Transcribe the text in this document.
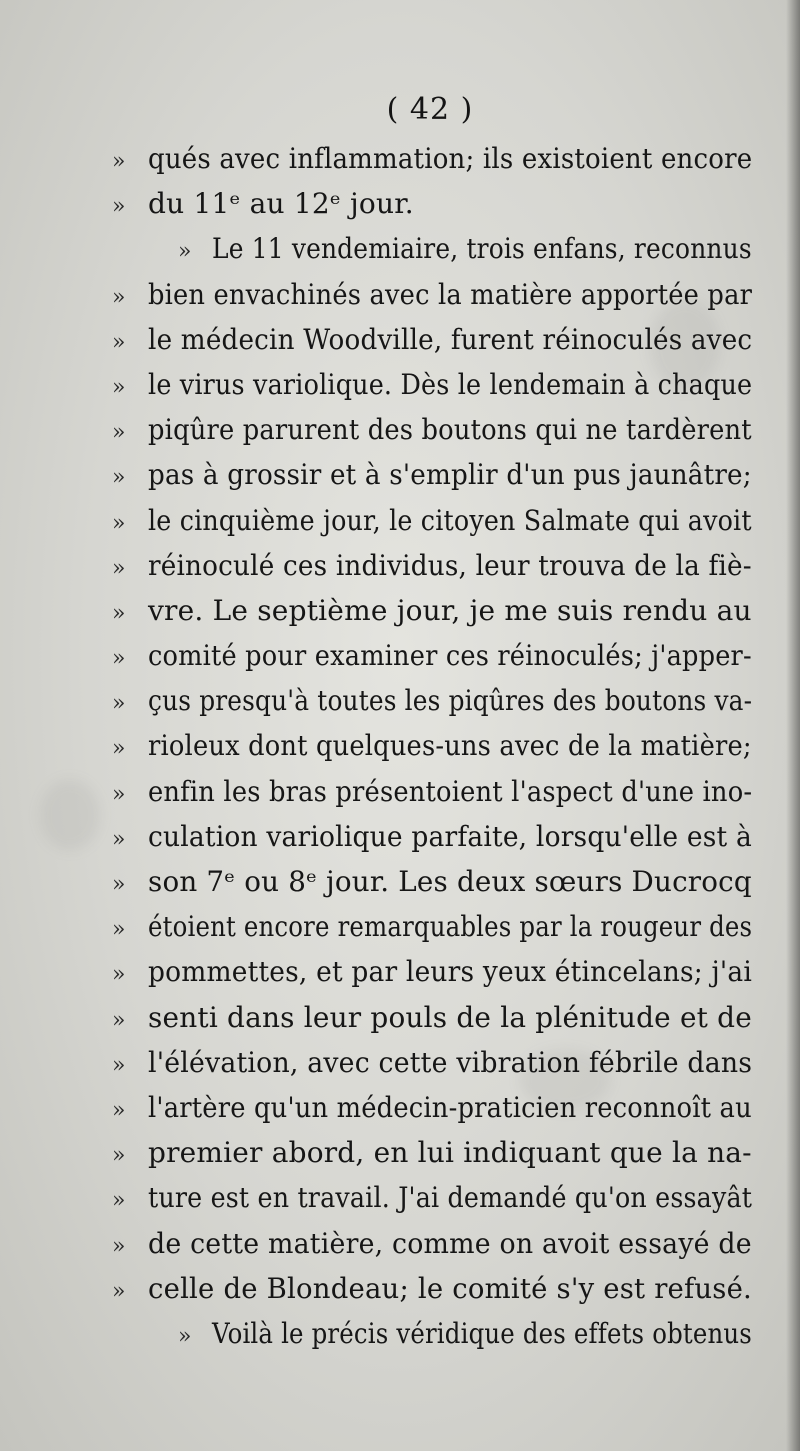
( 42 )
» qués avec inflammation; ils existoient encore
» du 11ᵉ au 12ᵉ jour.
» Le 11 vendemiaire, trois enfans, reconnus
» bien envachinés avec la matière apportée par
» le médecin Woodville, furent réinoculés avec
» le virus variolique. Dès le lendemain à chaque
» piqûre parurent des boutons qui ne tardèrent
» pas à grossir et à s'emplir d'un pus jaunâtre;
» le cinquième jour, le citoyen Salmate qui avoit
» réinoculé ces individus, leur trouva de la fiè-
» vre. Le septième jour, je me suis rendu au
» comité pour examiner ces réinoculés; j'apper-
» çus presqu'à toutes les piqûres des boutons va-
» rioleux dont quelques-uns avec de la matière;
» enfin les bras présentoient l'aspect d'une ino-
» culation variolique parfaite, lorsqu'elle est à
» son 7ᵉ ou 8ᵉ jour. Les deux sœurs Ducrocq
» étoient encore remarquables par la rougeur des
» pommettes, et par leurs yeux étincelans; j'ai
» senti dans leur pouls de la plénitude et de
» l'élévation, avec cette vibration fébrile dans
» l'artère qu'un médecin-praticien reconnoît au
» premier abord, en lui indiquant que la na-
» ture est en travail. J'ai demandé qu'on essayât
» de cette matière, comme on avoit essayé de
» celle de Blondeau; le comité s'y est refusé.
» Voilà le précis véridique des effets obtenus
